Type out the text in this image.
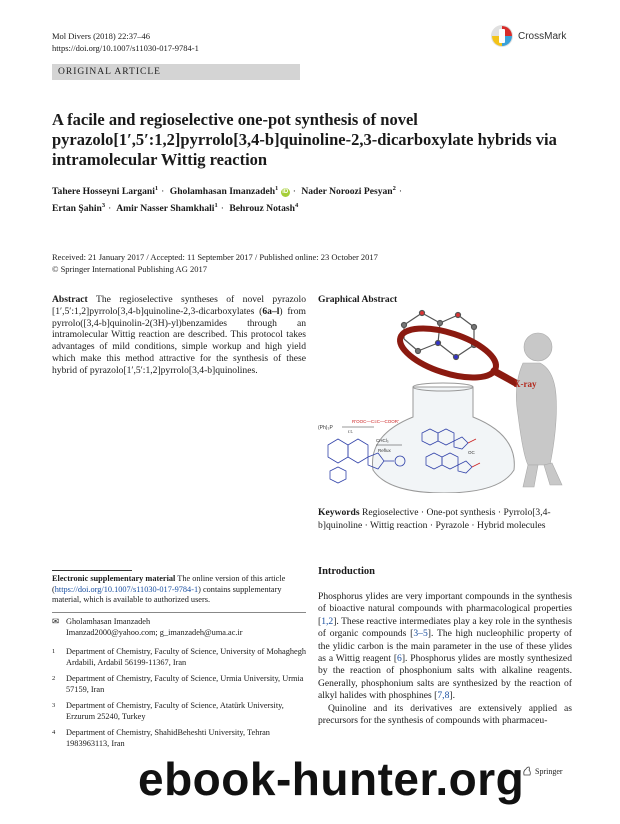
Mol Divers (2018) 22:37–46
https://doi.org/10.1007/s11030-017-9784-1
CrossMark
ORIGINAL ARTICLE
A facile and regioselective one-pot synthesis of novel pyrazolo[1′,5′:1,2]pyrrolo[3,4-b]quinoline-2,3-dicarboxylate hybrids via intramolecular Wittig reaction
Tahere Hosseyni Largani$^1$ · Gholamhasan Imanzadeh$^1$ iD · Nader Noroozi Pesyan$^2$ ·
Ertan Şahin$^3$ · Amir Nasser Shamkhali$^1$ · Behrouz Notash$^4$
Received: 21 January 2017 / Accepted: 11 September 2017 / Published online: 23 October 2017
© Springer International Publishing AG 2017
Abstract The regioselective syntheses of novel pyrazolo [1′,5′:1,2]pyrrolo[3,4-b]quinoline-2,3-dicarboxylates (6a–l) from pyrrolo([3,4-b]quinolin-2(3H)-yl)benzamides through an intramolecular Wittig reaction are described. This protocol takes advantages of mild conditions, simple workup and high yield which make this method attractive for the synthesis of these hybrid of pyrazolo[1′,5′:1,2]pyrrolo[3,4-b]quinolines.
Graphical Abstract
X-ray
(Ph)₃P
R'OOC—C≡C—COOR'
r.t.
CHCl₃
Reflux	OC
Keywords Regioselective · One-pot synthesis · Pyrrolo[3,4-b]quinoline · Wittig reaction · Pyrazole · Hybrid molecules
Electronic supplementary material The online version of this article (https://doi.org/10.1007/s11030-017-9784-1) contains supplementary material, which is available to authorized users.
✉ Gholamhasan Imanzadeh
Imanzad2000@yahoo.com; g_imanzadeh@uma.ac.ir
1	Department of Chemistry, Faculty of Science, University of Mohaghegh Ardabili, Ardabil 56199-11367, Iran
2	Department of Chemistry, Faculty of Science, Urmia University, Urmia 57159, Iran
3	Department of Chemistry, Faculty of Science, Atatürk University, Erzurum 25240, Turkey
4	Department of Chemistry, ShahidBeheshti University, Tehran 1983963113, Iran
Introduction

Phosphorus ylides are very important compounds in the synthesis of bioactive natural compounds with pharmacological properties [1,2]. These reactive intermediates play a key role in the synthesis of organic compounds [3–5]. The high nucleophilic property of the ylidic carbon is the main parameter in the use of these ylides as a Wittig reagent [6]. Phosphorus ylides are mostly synthesized by the reaction of phosphonium salts with alkaline reagents. Generally, phosphonium salts are synthesized by the reaction of alkyl halides with phosphines [7,8].

Quinoline and its derivatives are extensively applied as precursors for the synthesis of compounds with pharmaceu-

Springer
ebook-hunter.org
